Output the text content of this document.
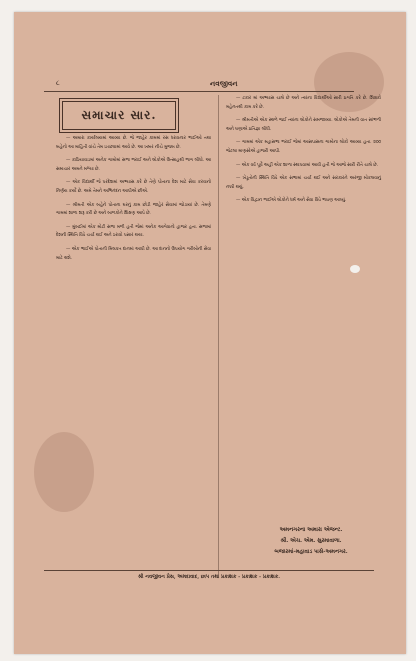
૮	નવજીવન
સમાચાર સાર.

— અમારા કાર્યાલયમાં આવ્યા છે. જે જાહેર કામમાં રસ ધરાવનાર ભાઈઓ તથા બહેનો આ માહિતી વાંચે તેમ ઇચ્છવામાં આવે છે. આ ખબર નીચે મુજબ છે.

— કાઠિયાવાડમાં અનેક ગામોમાં સભા ભરાઈ અને લોકોએ ઉત્સાહથી ભાગ લીધો. આ સમાચાર અમને મળ્યા છે.

— એક વિદ્યાર્થી જે પરદેશમાં અભ્યાસ કરે છે તેણે પોતાના દેશ માટે સેવા કરવાનો નિર્ણય કર્યો છે. અમે તેમને અભિનંદન આપીએ છીએ.

— શ્રીમતી એક બહેને પોતાના ઘરનું કામ છોડી જાહેર સેવામાં જોડાયાં છે. તેમણે ગામમાં શાળા શરૂ કરી છે અને બાળકોને શિક્ષણ આપે છે.

— મુંબઈમાં એક મોટી સભા મળી હતી જેમાં અનેક આગેવાનો હાજર હતા. સભામાં દેશની સ્થિતિ વિષે ચર્ચા થઈ અને ઠરાવો પસાર થયા.

— એક ભાઈએ પોતાની મિલકત દાનમાં આપી છે. આ દાનનો ઉપયોગ ગરીબોની સેવા માટે થશે.

— ટકાર માં અભ્યાસ ચાલે છે અને ત્યાંના વિદ્યાર્થીઓ સારી પ્રગતિ કરે છે. શિક્ષકો મહેનતથી કામ કરે છે.

— શ્રીમતીએ એક સ્થળે જઈ ત્યાંના લોકોને સમજાવ્યા. લોકોએ તેમની વાત સાંભળી અને ઘણાએ પ્રતિજ્ઞા લીધી.

— ગામમાં એક મહાસભા ભરાઈ જેમાં આસપાસના ગામોના લોકો આવ્યા હતા. ૨૦૦ જેટલા માણસોએ હાજરી આપી.

— એક વર્ષ પૂર્વે અહીં એક શાળા સ્થાપવામાં આવી હતી જે આજે સારી રીતે ચાલે છે.

— ખેડૂતોની સ્થિતિ વિષે એક સભામાં ચર્ચા થઈ અને સરકારને અરજી મોકલવાનું નક્કી થયું.

— એક વિદ્વાન ભાઈએ લોકોને ધર્મ અને સેવા વિષે ભાષણ આપ્યું.

અમનગરના અમારા એજન્ટ.
શ્રી. એચ. એમ. સુરમાવાળા.
બજારમાં-મહાવાડ પાસે-અમનગર.
શ્રી નવજીવન પ્રેસ, અમદાવાદ, છાપ તથા પ્રકાશક - પ્રકાશક - પ્રકાશક.
